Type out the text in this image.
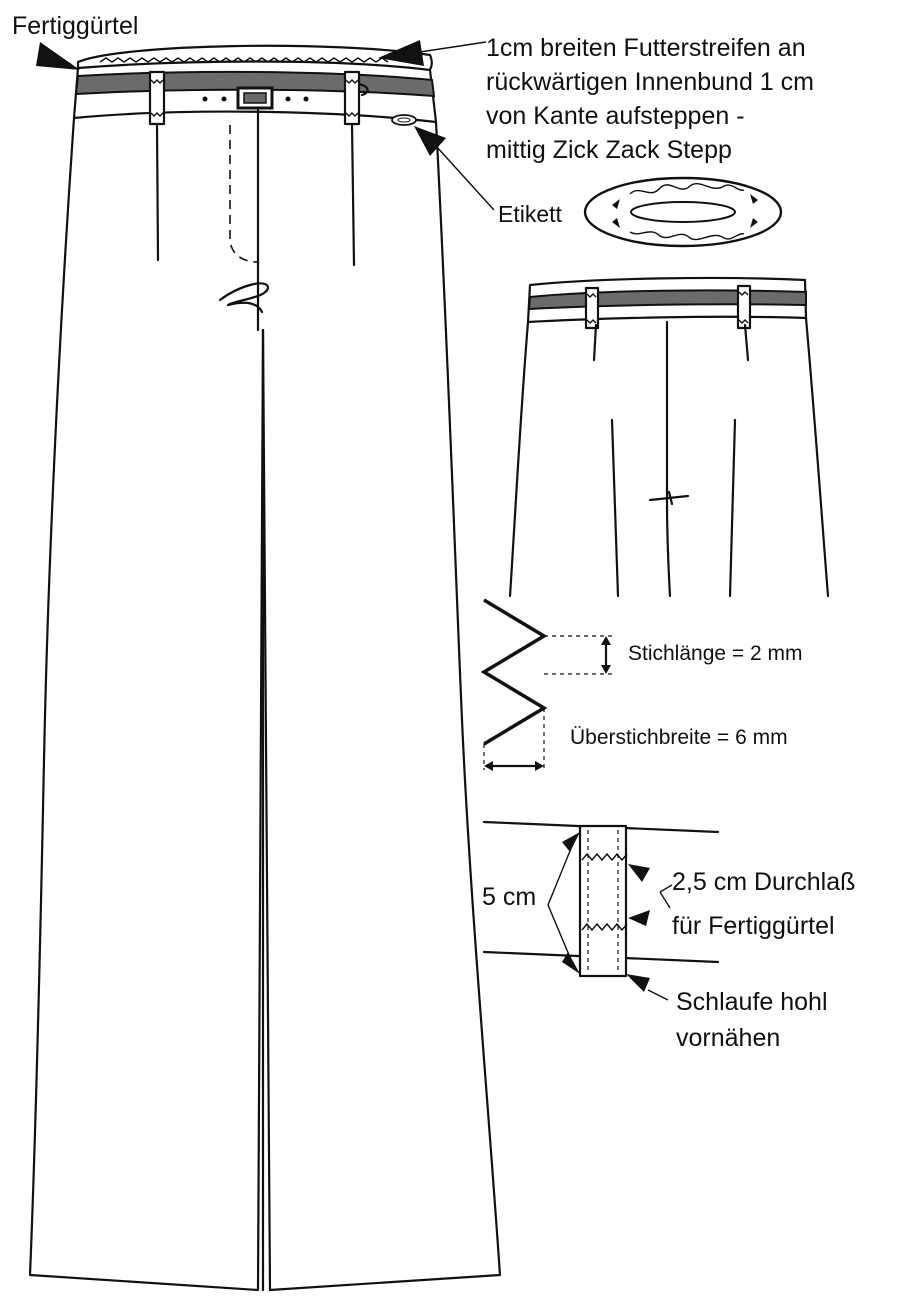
Fertiggürtel
1cm breiten Futterstreifen an
rückwärtigen Innenbund 1 cm
von Kante aufsteppen -
mittig Zick Zack Stepp
Etikett
Stichlänge = 2 mm
Überstichbreite = 6 mm
5 cm
2,5 cm Durchlaß
für Fertiggürtel
Schlaufe hohl
vornähen
